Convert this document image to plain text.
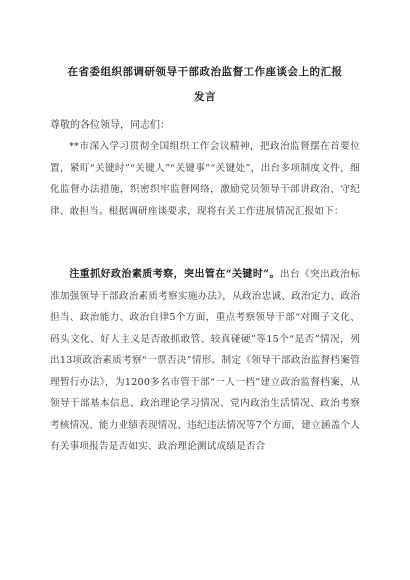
在省委组织部调研领导干部政治监督工作座谈会上的汇报
发言
尊敬的各位领导，同志们：
**市深入学习贯彻全国组织工作会议精神，把政治监督摆在首要位置，紧盯“关键时”“关键人”“关键事”“关键处”，出台多项制度文件，细化监督办法措施，织密织牢监督网络，激励党员领导干部讲政治、守纪律、敢担当。根据调研座谈要求，现将有关工作进展情况汇报如下：
注重抓好政治素质考察，突出管在“关键时”。出台《突出政治标准加强领导干部政治素质考察实施办法》，从政治忠诚、政治定力、政治担当、政治能力、政治自律5个方面，重点考察领导干部“对圈子文化、码头文化、好人主义是否敢抓敢管、较真碰硬”等15个“是否”情况，列出13项政治素质考察“一票否决”情形。制定《领导干部政治监督档案管理暂行办法》，为1200多名市管干部“一人一档”建立政治监督档案，从领导干部基本信息、政治理论学习情况、党内政治生活情况、政治考察考核情况、能力业绩表现情况、违纪违法情况等7个方面，建立涵盖个人有关事项报告是否如实、政治理论测试成绩是否合
